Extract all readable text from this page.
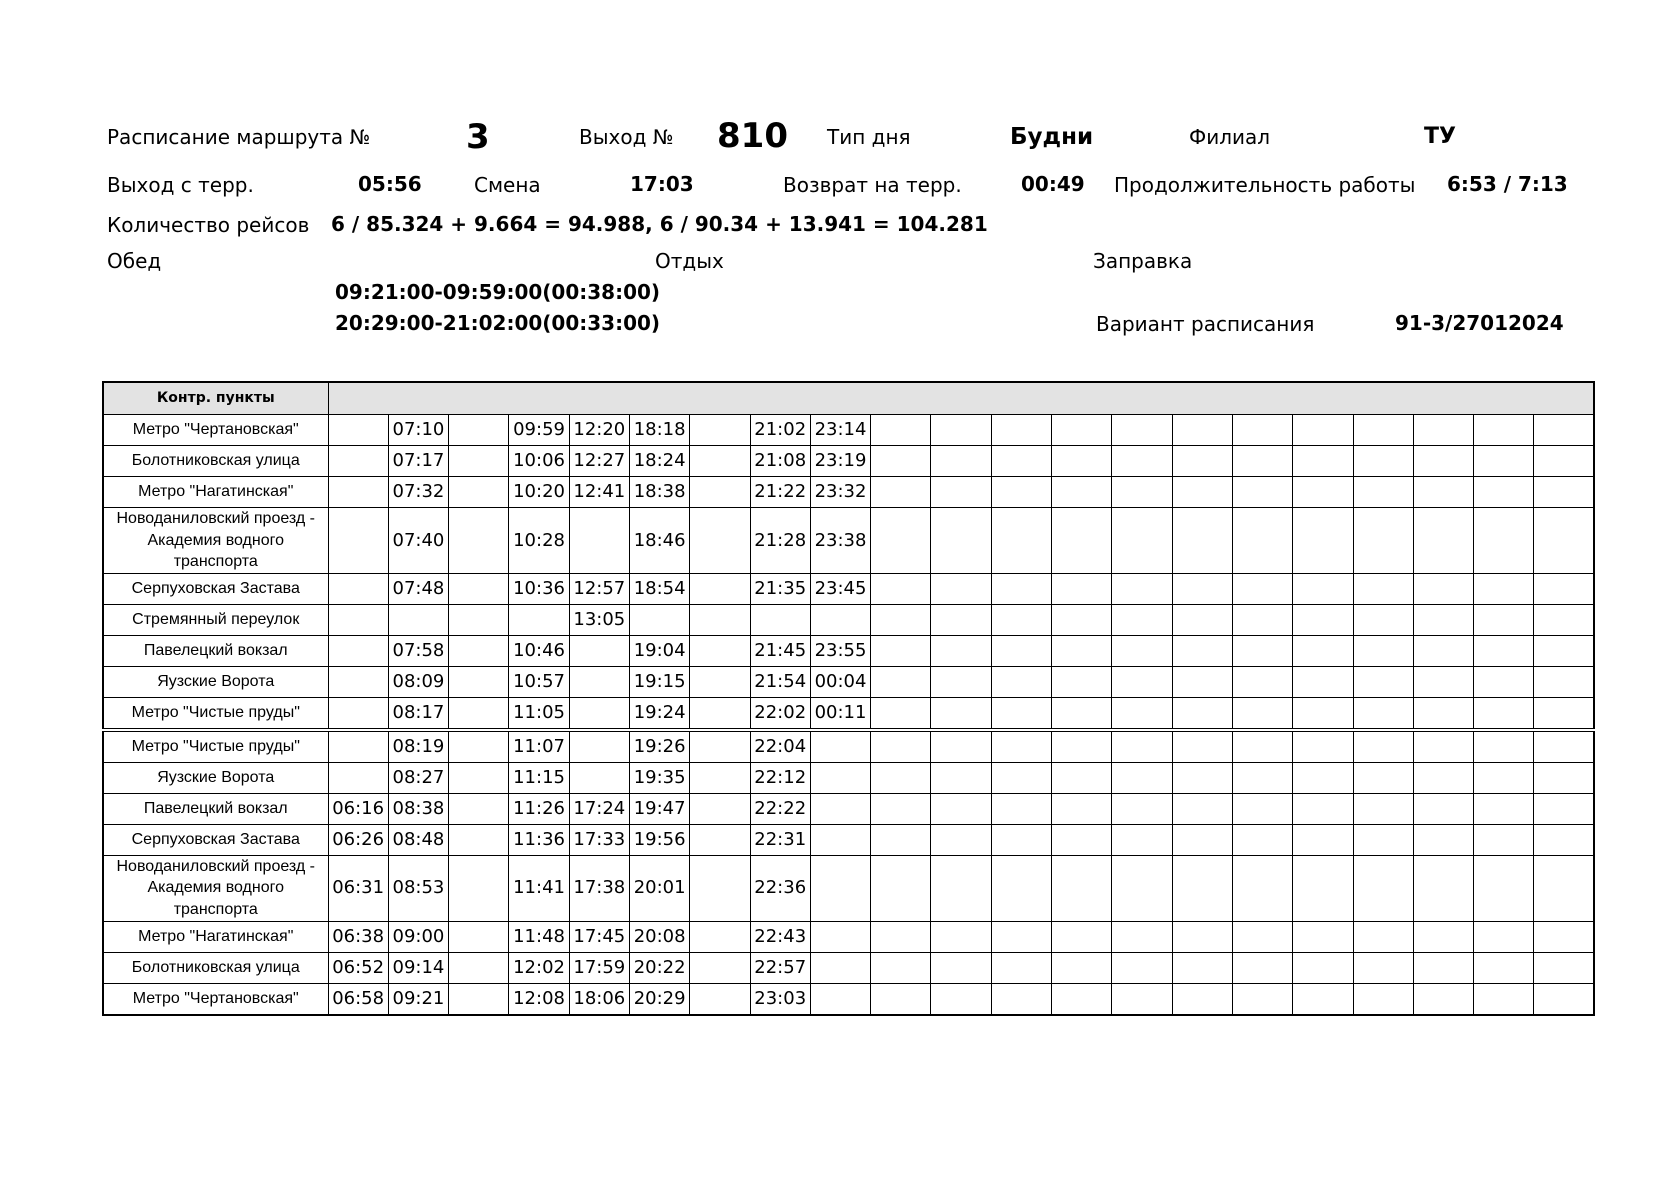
Расписание маршрута №	3	Выход № 810 Тип дня	Будни	Филиал	ТУ
Выход с терр.	05:56	Смена	17:03	Возврат на терр.	00:49 Продолжительность работы 6:53 / 7:13
Количество рейсов 6 / 85.324 + 9.664 = 94.988, 6 / 90.34 + 13.941 = 104.281
Обед	Отдых	Заправка
09:21:00-09:59:00(00:38:00)
20:29:00-21:02:00(00:33:00)	Вариант расписания	91-3/27012024
Контр. пункты																					
Метро "Чертановская"		07:10		09:59	12:20	18:18		21:02	23:14												
Болотниковская улица		07:17		10:06	12:27	18:24		21:08	23:19												
Метро "Нагатинская"		07:32		10:20	12:41	18:38		21:22	23:32												
Новоданиловский проезд - Академия водного транспорта		07:40		10:28		18:46		21:28	23:38												
Серпуховская Застава		07:48		10:36	12:57	18:54		21:35	23:45												
Стремянный переулок					13:05																
Павелецкий вокзал		07:58		10:46		19:04		21:45	23:55												
Яузские Ворота		08:09		10:57		19:15		21:54	00:04												
Метро "Чистые пруды"		08:17		11:05		19:24		22:02	00:11												
Метро "Чистые пруды"		08:19		11:07		19:26		22:04													
Яузские Ворота		08:27		11:15		19:35		22:12													
Павелецкий вокзал	06:16	08:38		11:26	17:24	19:47		22:22													
Серпуховская Застава	06:26	08:48		11:36	17:33	19:56		22:31													
Новоданиловский проезд - Академия водного транспорта	06:31	08:53		11:41	17:38	20:01		22:36													
Метро "Нагатинская"	06:38	09:00		11:48	17:45	20:08		22:43													
Болотниковская улица	06:52	09:14		12:02	17:59	20:22		22:57													
Метро "Чертановская"	06:58	09:21		12:08	18:06	20:29		23:03													
